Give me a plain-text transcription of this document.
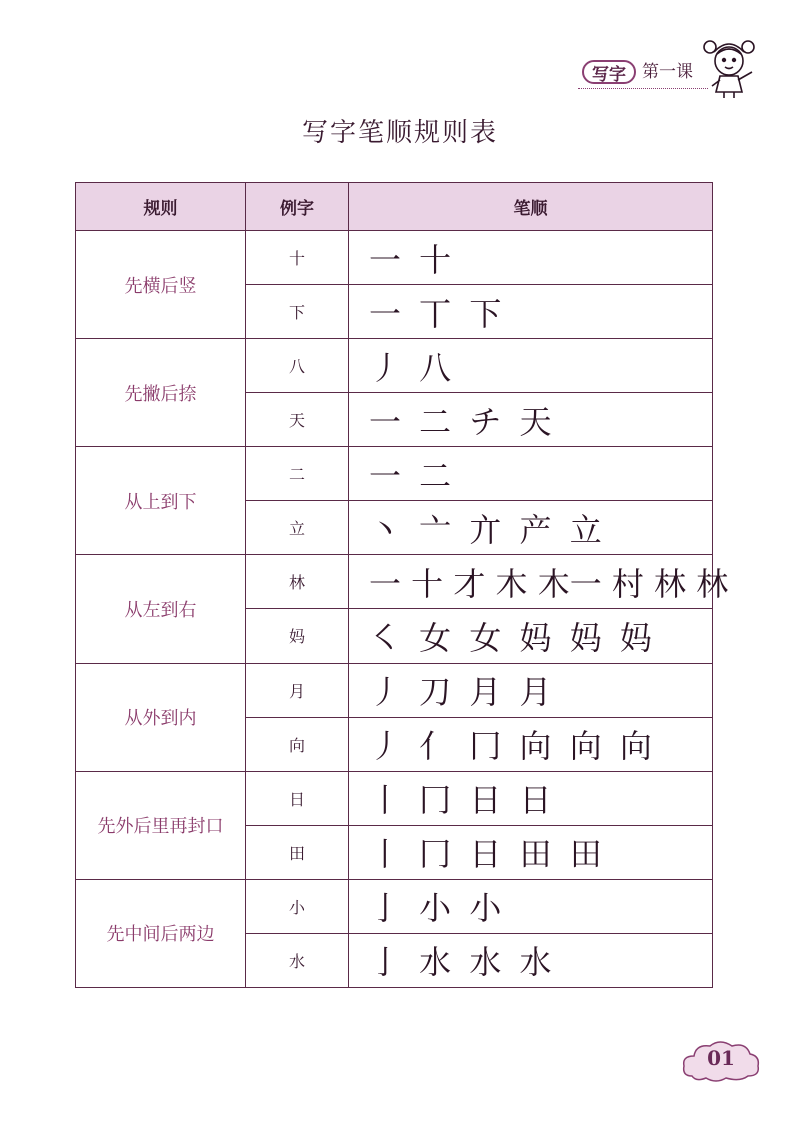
写字 第一课
写字笔顺规则表
规则	例字	笔顺
先横后竖	十	一 十
	下	一 丅 下
先撇后捺	八	丿 八
	天	一 二 チ 天
从上到下	二	一 二
	立	丶 亠 亣 产 立
从左到右	林	一 十 才 木 木一 村 林 林
	妈	㇛ 女 女 妈 妈 妈
从外到内	月	丿 刀 月 月
	向	丿 亻 冂 向 向 向
先外后里再封口	日	丨 冂 日 日
	田	丨 冂 日 田 田
先中间后两边	小	亅 小 小
	水	亅 水 水 水
01
